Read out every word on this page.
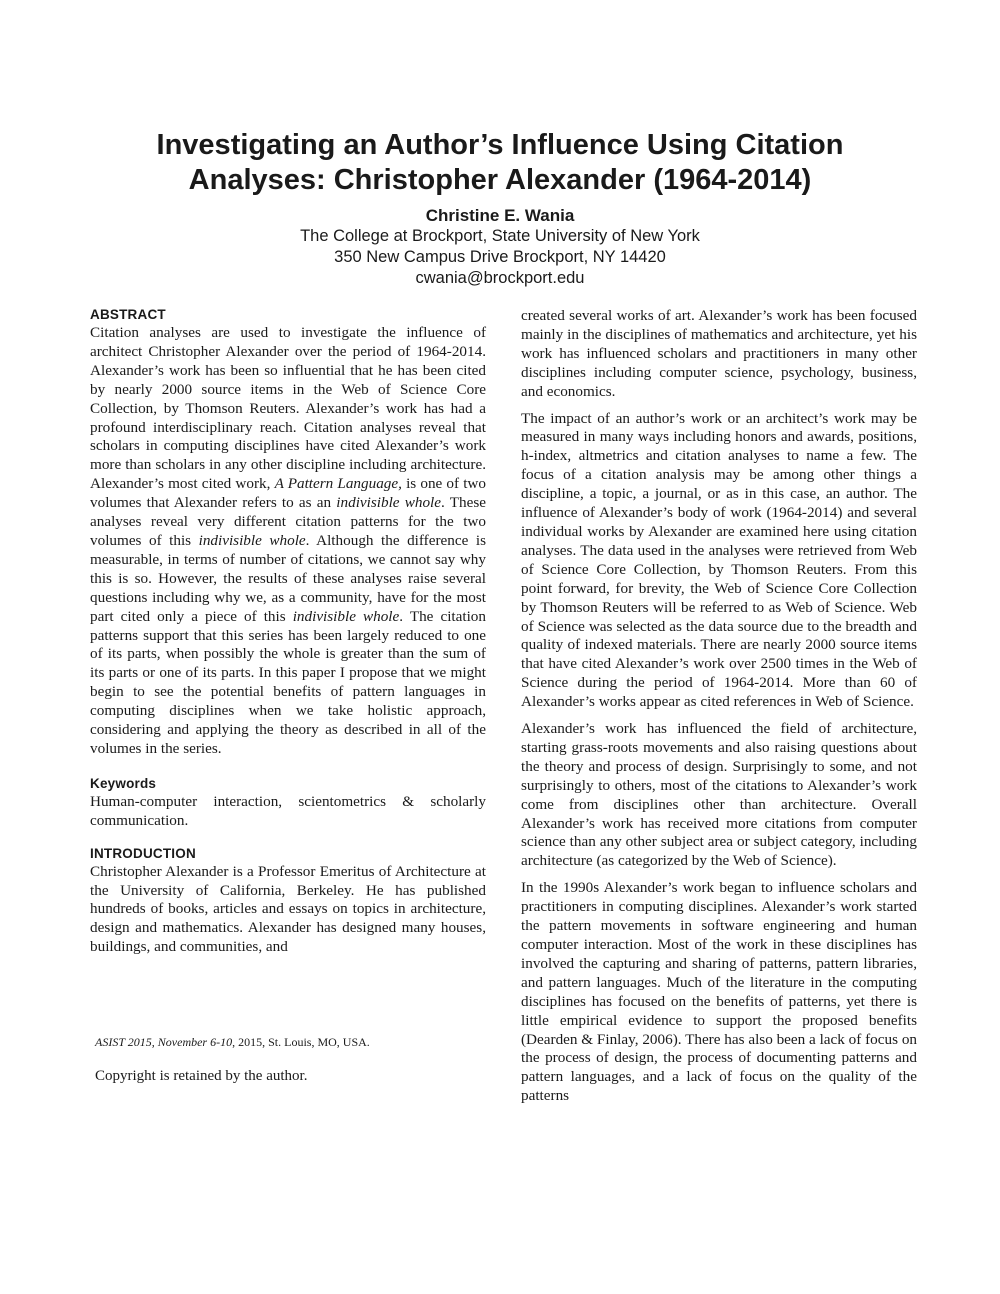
Investigating an Author’s Influence Using Citation
Analyses: Christopher Alexander (1964-2014)
Christine E. Wania
The College at Brockport, State University of New York
350 New Campus Drive Brockport, NY 14420
cwania@brockport.edu
ABSTRACT

Citation analyses are used to investigate the influence of architect Christopher Alexander over the period of 1964-2014. Alexander’s work has been so influential that he has been cited by nearly 2000 source items in the Web of Science Core Collection, by Thomson Reuters. Alexander’s work has had a profound interdisciplinary reach. Citation analyses reveal that scholars in computing disciplines have cited Alexander’s work more than scholars in any other discipline including architecture. Alexander’s most cited work, A Pattern Language, is one of two volumes that Alexander refers to as an indivisible whole. These analyses reveal very different citation patterns for the two volumes of this indivisible whole. Although the difference is measurable, in terms of number of citations, we cannot say why this is so. However, the results of these analyses raise several questions including why we, as a community, have for the most part cited only a piece of this indivisible whole. The citation patterns support that this series has been largely reduced to one of its parts, when possibly the whole is greater than the sum of its parts or one of its parts. In this paper I propose that we might begin to see the potential benefits of pattern languages in computing disciplines when we take holistic approach, considering and applying the theory as described in all of the volumes in the series.

Keywords

Human-computer interaction, scientometrics & scholarly communication.

INTRODUCTION

Christopher Alexander is a Professor Emeritus of Architecture at the University of California, Berkeley. He has published hundreds of books, articles and essays on topics in architecture, design and mathematics. Alexander has designed many houses, buildings, and communities, and

ASIST 2015, November 6-10, 2015, St. Louis, MO, USA.
Copyright is retained by the author.

created several works of art. Alexander’s work has been focused mainly in the disciplines of mathematics and architecture, yet his work has influenced scholars and practitioners in many other disciplines including computer science, psychology, business, and economics.

The impact of an author’s work or an architect’s work may be measured in many ways including honors and awards, positions, h-index, altmetrics and citation analyses to name a few. The focus of a citation analysis may be among other things a discipline, a topic, a journal, or as in this case, an author. The influence of Alexander’s body of work (1964-2014) and several individual works by Alexander are examined here using citation analyses. The data used in the analyses were retrieved from Web of Science Core Collection, by Thomson Reuters. From this point forward, for brevity, the Web of Science Core Collection by Thomson Reuters will be referred to as Web of Science. Web of Science was selected as the data source due to the breadth and quality of indexed materials. There are nearly 2000 source items that have cited Alexander’s work over 2500 times in the Web of Science during the period of 1964-2014. More than 60 of Alexander’s works appear as cited references in Web of Science.

Alexander’s work has influenced the field of architecture, starting grass-roots movements and also raising questions about the theory and process of design. Surprisingly to some, and not surprisingly to others, most of the citations to Alexander’s work come from disciplines other than architecture. Overall Alexander’s work has received more citations from computer science than any other subject area or subject category, including architecture (as categorized by the Web of Science).

In the 1990s Alexander’s work began to influence scholars and practitioners in computing disciplines. Alexander’s work started the pattern movements in software engineering and human computer interaction. Most of the work in these disciplines has involved the capturing and sharing of patterns, pattern libraries, and pattern languages. Much of the literature in the computing disciplines has focused on the benefits of patterns, yet there is little empirical evidence to support the proposed benefits (Dearden & Finlay, 2006). There has also been a lack of focus on the process of design, the process of documenting patterns and pattern languages, and a lack of focus on the quality of the patterns
